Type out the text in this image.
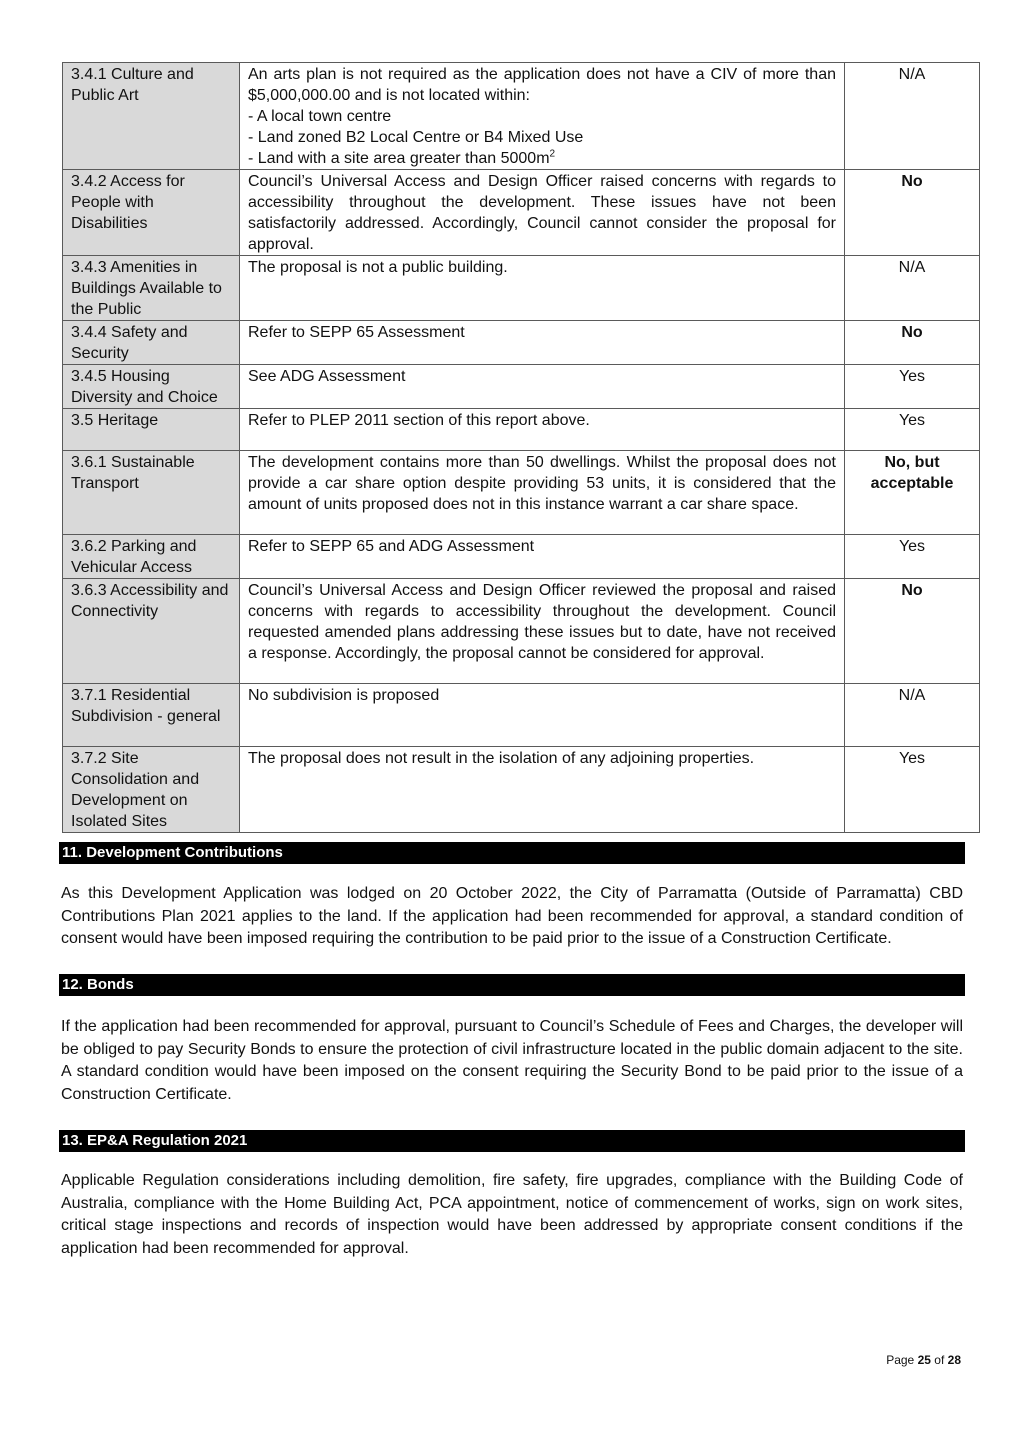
3.4.1 Culture and Public Art	An arts plan is not required as the application does not have a CIV of more than $5,000,000.00 and is not located within:
- A local town centre
- Land zoned B2 Local Centre or B4 Mixed Use
- Land with a site area greater than $5000m^2$	N/A
3.4.2 Access for People with Disabilities	Council’s Universal Access and Design Officer raised concerns with regards to accessibility throughout the development. These issues have not been satisfactorily addressed. Accordingly, Council cannot consider the proposal for approval.	No
3.4.3 Amenities in Buildings Available to the Public	The proposal is not a public building.	N/A
3.4.4 Safety and Security	Refer to SEPP 65 Assessment	No
3.4.5 Housing Diversity and Choice	See ADG Assessment	Yes
3.5 Heritage	Refer to PLEP 2011 section of this report above.	Yes
3.6.1 Sustainable Transport	The development contains more than 50 dwellings. Whilst the proposal does not provide a car share option despite providing 53 units, it is considered that the amount of units proposed does not in this instance warrant a car share space.	No, but acceptable
3.6.2 Parking and Vehicular Access	Refer to SEPP 65 and ADG Assessment	Yes
3.6.3 Accessibility and Connectivity	Council’s Universal Access and Design Officer reviewed the proposal and raised concerns with regards to accessibility throughout the development. Council requested amended plans addressing these issues but to date, have not received a response. Accordingly, the proposal cannot be considered for approval.	No
3.7.1 Residential Subdivision - general	No subdivision is proposed	N/A
3.7.2 Site Consolidation and Development on Isolated Sites	The proposal does not result in the isolation of any adjoining properties.	Yes
11. Development Contributions

As this Development Application was lodged on 20 October 2022, the City of Parramatta (Outside of Parramatta) CBD Contributions Plan 2021 applies to the land. If the application had been recommended for approval, a standard condition of consent would have been imposed requiring the contribution to be paid prior to the issue of a Construction Certificate.

12. Bonds

If the application had been recommended for approval, pursuant to Council’s Schedule of Fees and Charges, the developer will be obliged to pay Security Bonds to ensure the protection of civil infrastructure located in the public domain adjacent to the site. A standard condition would have been imposed on the consent requiring the Security Bond to be paid prior to the issue of a Construction Certificate.

13. EP&A Regulation 2021

Applicable Regulation considerations including demolition, fire safety, fire upgrades, compliance with the Building Code of Australia, compliance with the Home Building Act, PCA appointment, notice of commencement of works, sign on work sites, critical stage inspections and records of inspection would have been addressed by appropriate consent conditions if the application had been recommended for approval.

Page 25 of 28
